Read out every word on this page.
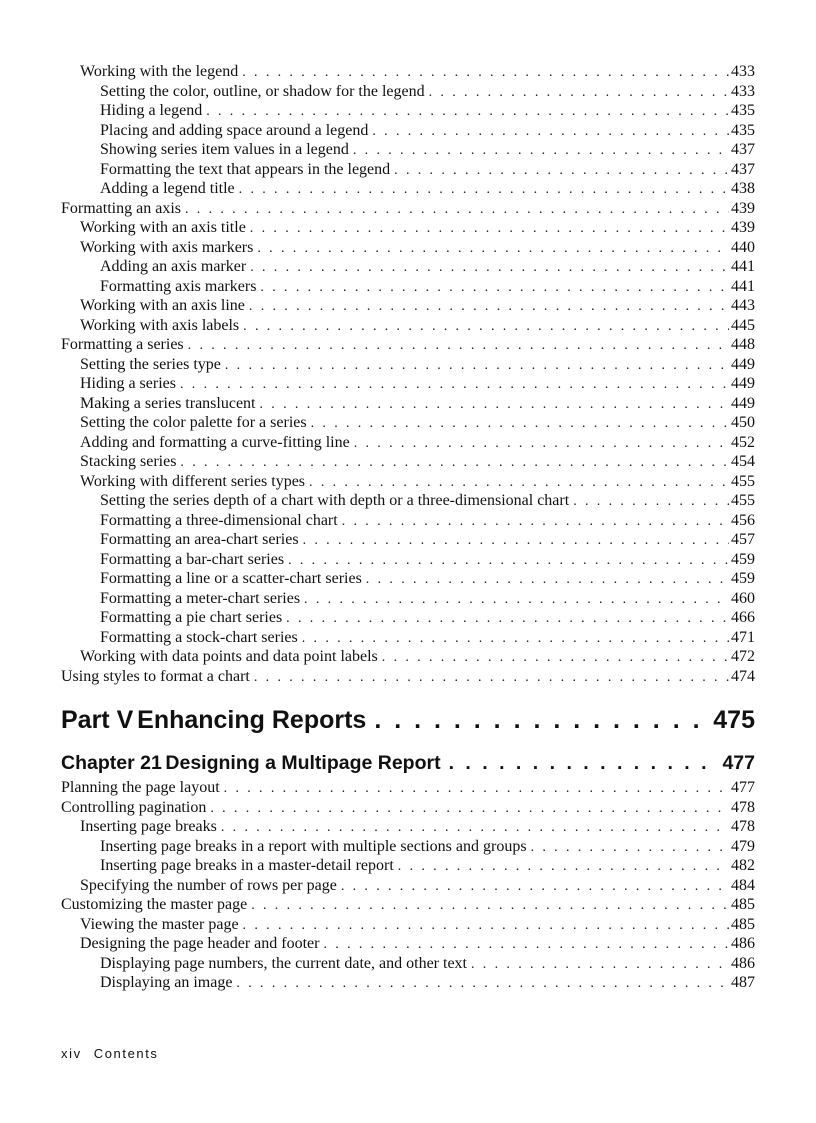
Working with the legend . . .	433
Setting the color, outline, or shadow for the legend . . .	433
Hiding a legend . . .	435
Placing and adding space around a legend . . .	435
Showing series item values in a legend . . .	437
Formatting the text that appears in the legend . . .	437
Adding a legend title . . .	438
Formatting an axis . . .	439
Working with an axis title . . .	439
Working with axis markers . . .	440
Adding an axis marker . . .	441
Formatting axis markers . . .	441
Working with an axis line . . .	443
Working with axis labels . . .	445
Formatting a series . . .	448
Setting the series type . . .	449
Hiding a series . . .	449
Making a series translucent . . .	449
Setting the color palette for a series . . .	450
Adding and formatting a curve-fitting line . . .	452
Stacking series . . .	454
Working with different series types . . .	455
Setting the series depth of a chart with depth or a three-dimensional chart . . .	455
Formatting a three-dimensional chart . . .	456
Formatting an area-chart series . . .	457
Formatting a bar-chart series . . .	459
Formatting a line or a scatter-chart series . . .	459
Formatting a meter-chart series . . .	460
Formatting a pie chart series . . .	466
Formatting a stock-chart series . . .	471
Working with data points and data point labels . . .	472
Using styles to format a chart . . .	474
Part V Enhancing Reports . . .	475
Chapter 21 Designing a Multipage Report . . .	477
Planning the page layout . . .	477
Controlling pagination . . .	478
Inserting page breaks . . .	478
Inserting page breaks in a report with multiple sections and groups . . .	479
Inserting page breaks in a master-detail report . . .	482
Specifying the number of rows per page . . .	484
Customizing the master page . . .	485
Viewing the master page . . .	485
Designing the page header and footer . . .	486
Displaying page numbers, the current date, and other text . . .	486
Displaying an image . . .	487
xiv Contents
